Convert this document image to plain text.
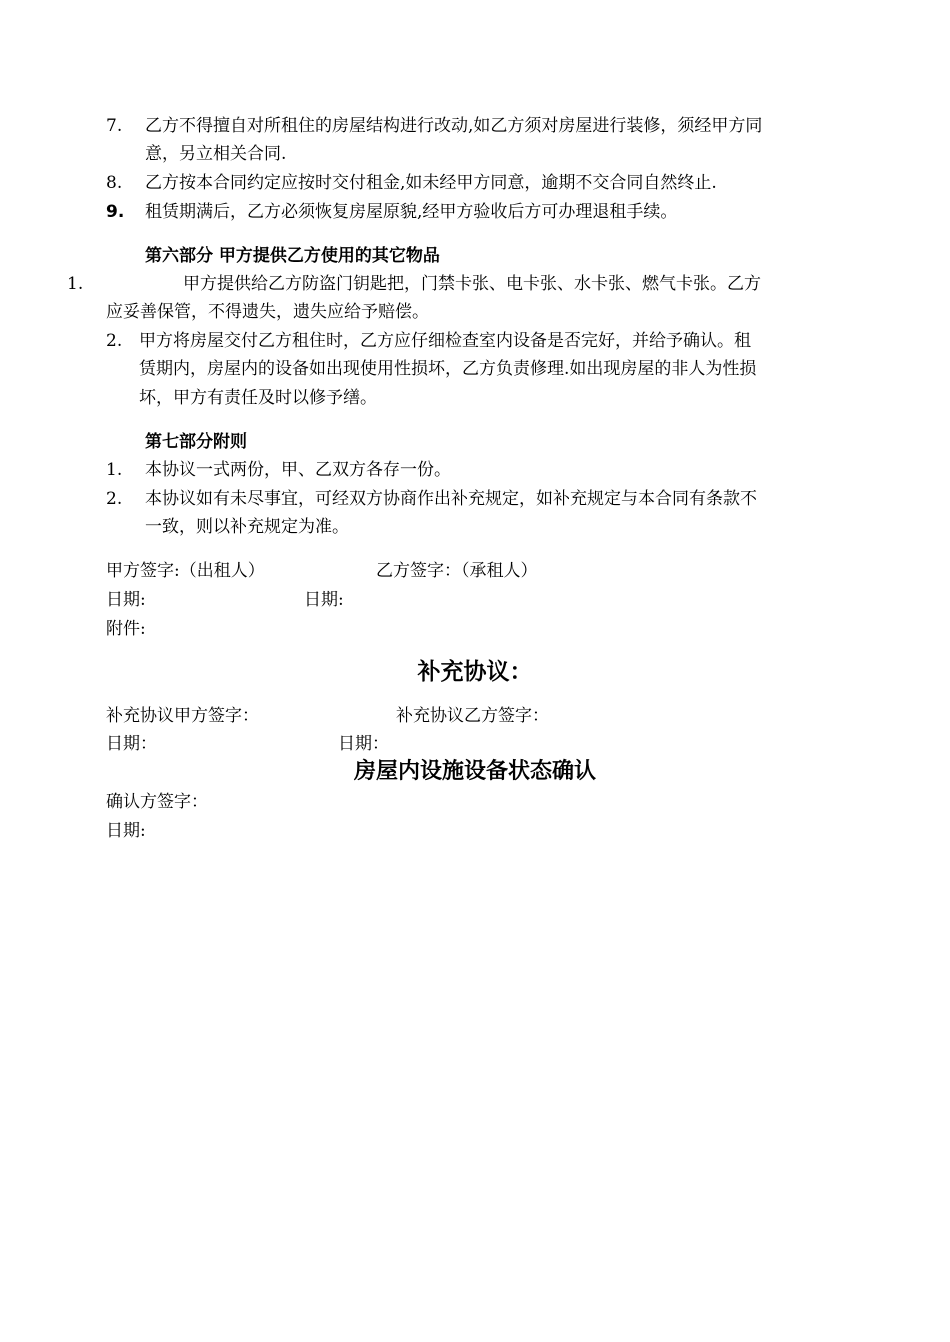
7. 乙方不得擅自对所租住的房屋结构进行改动,如乙方须对房屋进行装修，须经甲方同
意，另立相关合同.
8. 乙方按本合同约定应按时交付租金,如未经甲方同意，逾期不交合同自然终止.
9. 租赁期满后，乙方必须恢复房屋原貌,经甲方验收后方可办理退租手续。
第六部分 甲方提供乙方使用的其它物品
1.	甲方提供给乙方防盗门钥匙把，门禁卡张、电卡张、水卡张、燃气卡张。乙方
应妥善保管，不得遗失，遗失应给予赔偿。
2. 甲方将房屋交付乙方租住时，乙方应仔细检查室内设备是否完好，并给予确认。租
赁期内，房屋内的设备如出现使用性损坏，乙方负责修理.如出现房屋的非人为性损
坏，甲方有责任及时以修予缮。
第七部分附则
1. 本协议一式两份，甲、乙双方各存一份。
2. 本协议如有未尽事宜，可经双方协商作出补充规定，如补充规定与本合同有条款不
一致，则以补充规定为准。
甲方签字:（出租人）	乙方签字：（承租人）
日期:	日期:
附件:
补充协议：
补充协议甲方签字：	补充协议乙方签字：
日期：	日期：
房屋内设施设备状态确认
确认方签字：
日期:
